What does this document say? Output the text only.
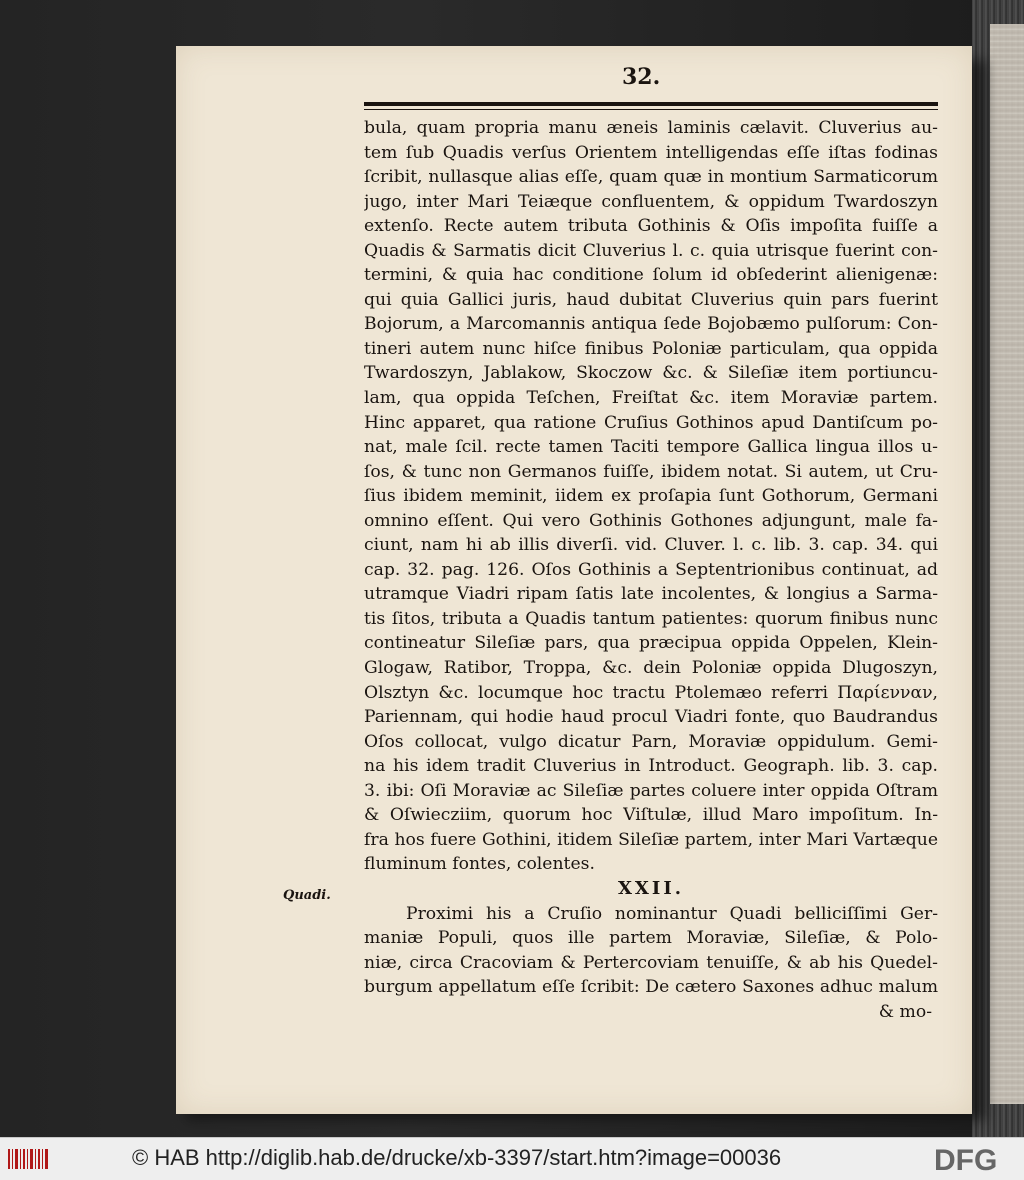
32.
Quadi.
bula, quam propria manu æneis laminis cælavit. Cluverius au-
tem ſub Quadis verſus Orientem intelligendas eſſe iſtas fodinas
ſcribit, nullasque alias eſſe, quam quæ in montium Sarmaticorum
jugo, inter Mari Teiæque confluentem, & oppidum Twardoszyn
extenſo. Recte autem tributa Gothinis & Oſis impoſita fuiſſe a
Quadis & Sarmatis dicit Cluverius l. c. quia utrisque fuerint con-
termini, & quia hac conditione ſolum id obſederint alienigenæ:
qui quia Gallici juris, haud dubitat Cluverius quin pars fuerint
Bojorum, a Marcomannis antiqua ſede Bojobæmo pulſorum: Con-
tineri autem nunc hiſce finibus Poloniæ particulam, qua oppida
Twardoszyn, Jablakow, Skoczow &c. & Sileſiæ item portiuncu-
lam, qua oppida Teſchen, Freiſtat &c. item Moraviæ partem.
Hinc apparet, qua ratione Cruſius Gothinos apud Dantiſcum po-
nat, male ſcil. recte tamen Taciti tempore Gallica lingua illos u-
ſos, & tunc non Germanos fuiſſe, ibidem notat. Si autem, ut Cru-
ſius ibidem meminit, iidem ex proſapia ſunt Gothorum, Germani
omnino eſſent. Qui vero Gothinis Gothones adjungunt, male fa-
ciunt, nam hi ab illis diverſi. vid. Cluver. l. c. lib. 3. cap. 34. qui
cap. 32. pag. 126. Oſos Gothinis a Septentrionibus continuat, ad
utramque Viadri ripam ſatis late incolentes, & longius a Sarma-
tis ſitos, tributa a Quadis tantum patientes: quorum finibus nunc
contineatur Sileſiæ pars, qua præcipua oppida Oppelen, Klein-
Glogaw, Ratibor, Troppa, &c. dein Poloniæ oppida Dlugoszyn,
Olsztyn &c. locumque hoc tractu Ptolemæo referri Παρίενναν,
Pariennam, qui hodie haud procul Viadri fonte, quo Baudrandus
Oſos collocat, vulgo dicatur Parn, Moraviæ oppidulum. Gemi-
na his idem tradit Cluverius in Introduct. Geograph. lib. 3. cap.
3. ibi: Oſi Moraviæ ac Sileſiæ partes coluere inter oppida Oſtram
& Oſwiecziim, quorum hoc Viſtulæ, illud Maro impoſitum. In-
fra hos fuere Gothini, itidem Sileſiæ partem, inter Mari Vartæque
fluminum fontes, colentes.
XXII.
Proximi his a Cruſio nominantur Quadi belliciſſimi Ger-
maniæ Populi, quos ille partem Moraviæ, Sileſiæ, & Polo-
niæ, circa Cracoviam & Pertercoviam tenuiſſe, & ab his Quedel-
burgum appellatum eſſe ſcribit: De cætero Saxones adhuc malum
& mo-
© HAB http://diglib.hab.de/drucke/xb-3397/start.htm?image=00036	DFG
